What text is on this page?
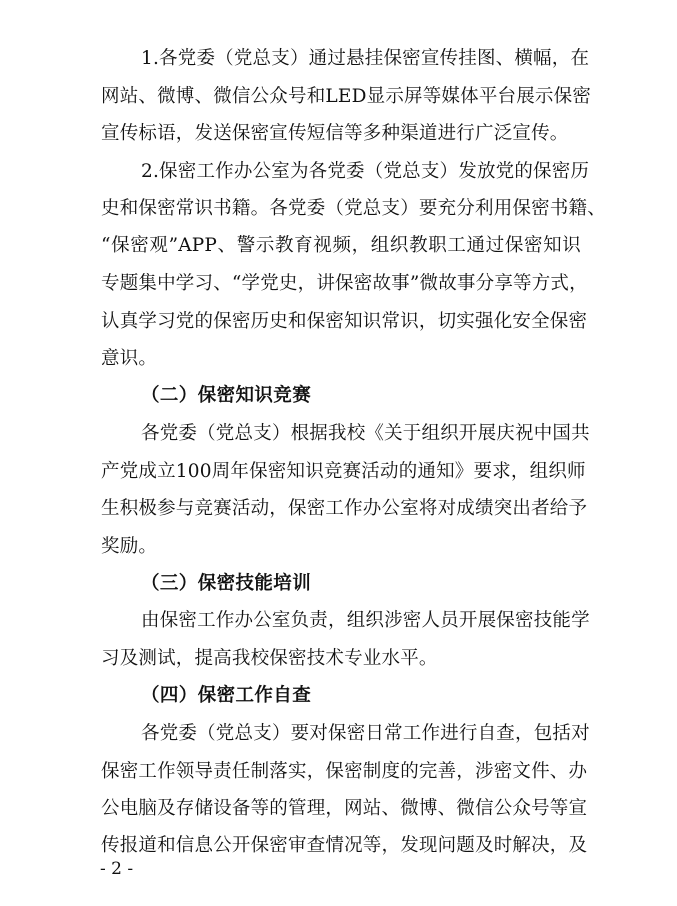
1.各党委（党总支）通过悬挂保密宣传挂图、横幅，在
网站、微博、微信公众号和LED显示屏等媒体平台展示保密
宣传标语，发送保密宣传短信等多种渠道进行广泛宣传。
2.保密工作办公室为各党委（党总支）发放党的保密历
史和保密常识书籍。各党委（党总支）要充分利用保密书籍、
“保密观”APP、警示教育视频，组织教职工通过保密知识
专题集中学习、“学党史，讲保密故事”微故事分享等方式，
认真学习党的保密历史和保密知识常识，切实强化安全保密
意识。
（二）保密知识竞赛
各党委（党总支）根据我校《关于组织开展庆祝中国共
产党成立100周年保密知识竞赛活动的通知》要求，组织师
生积极参与竞赛活动，保密工作办公室将对成绩突出者给予
奖励。
（三）保密技能培训
由保密工作办公室负责，组织涉密人员开展保密技能学
习及测试，提高我校保密技术专业水平。
（四）保密工作自查
各党委（党总支）要对保密日常工作进行自查，包括对
保密工作领导责任制落实，保密制度的完善，涉密文件、办
公电脑及存储设备等的管理，网站、微博、微信公众号等宣
传报道和信息公开保密审查情况等，发现问题及时解决，及
- 2 -
